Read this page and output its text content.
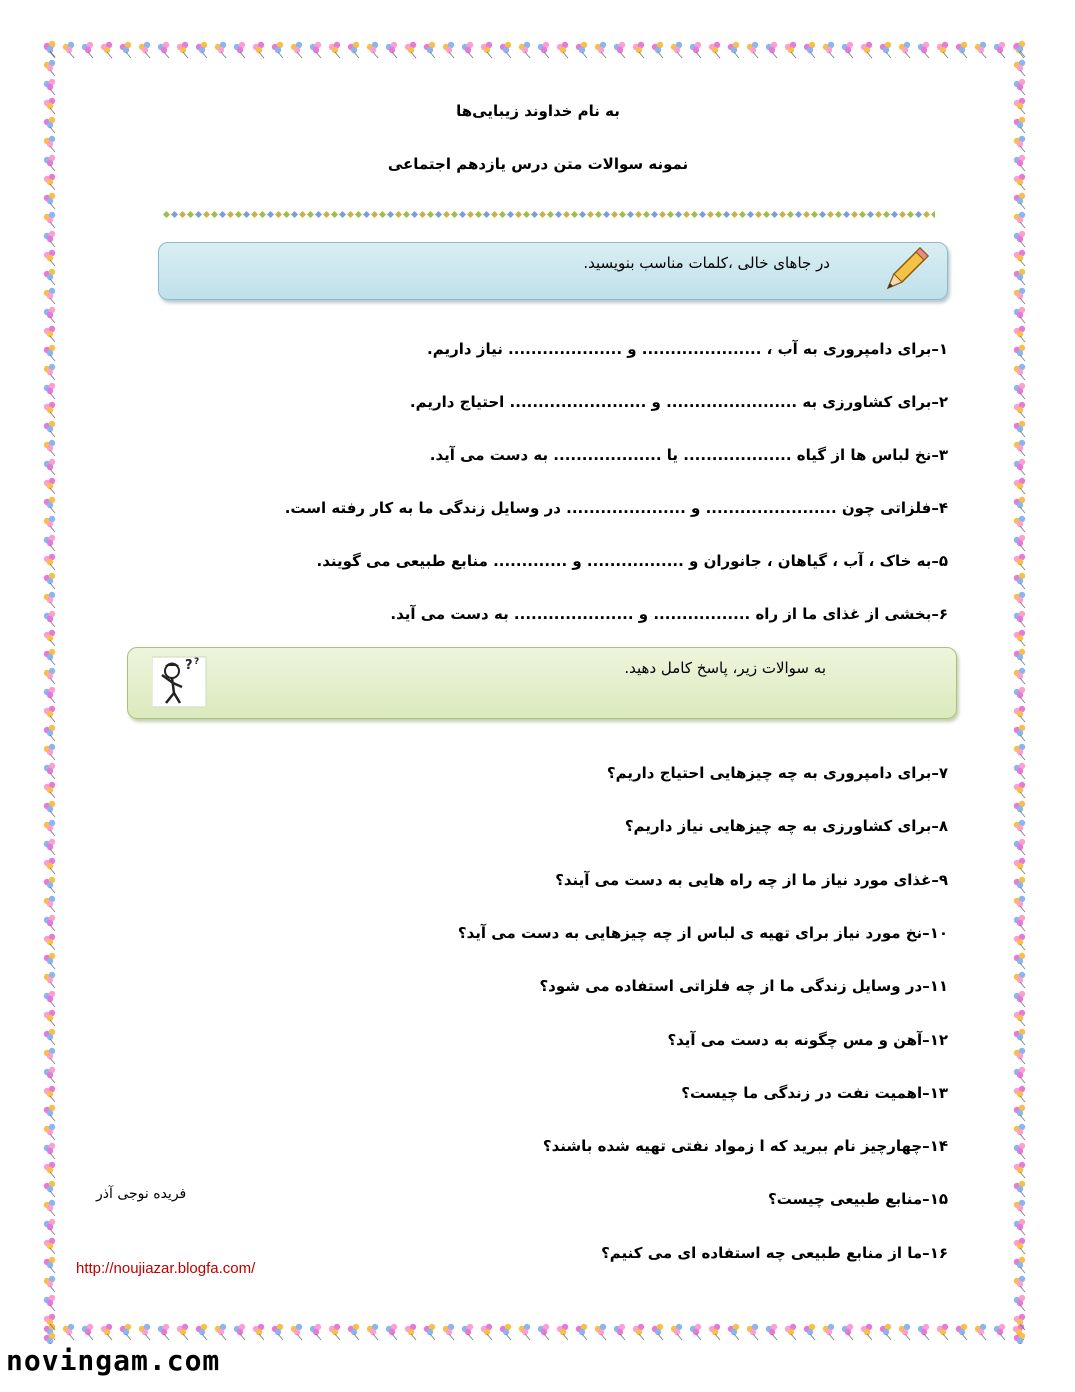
به نام خداوند زیبایی‌ها
نمونه سوالات متن درس یازدهم اجتماعی
در جاهای خالی ،کلمات مناسب بنویسید.
۱–برای دامپروری به آب ، ..................... و .................... نیاز داریم.
۲–برای کشاورزی به ....................... و ........................ احتیاج داریم.
۳–نخ لباس ها از گیاه ................... یا ................... به دست می آید.
۴–فلزاتی چون ....................... و ..................... در وسایل زندگی ما به کار رفته است.
۵–به خاک ، آب ، گیاهان ، جانوران و ................. و ............. منابع طبیعی می گویند.
۶–بخشی از غذای ما از راه ................. و ..................... به دست می آید.
به سوالات زیر، پاسخ کامل دهید.
? ?
۷–برای دامپروری به چه چیزهایی احتیاج داریم؟
۸–برای کشاورزی به چه چیزهایی نیاز داریم؟
۹–غذای مورد نیاز ما از چه راه هایی به دست می آیند؟
۱۰–نخ مورد نیاز برای تهیه ی لباس از چه چیزهایی به دست می آید؟
۱۱–در وسایل زندگی ما از چه فلزاتی استفاده می شود؟
۱۲–آهن و مس چگونه به دست می آید؟
۱۳–اهمیت نفت در زندگی ما چیست؟
۱۴–چهارچیز نام ببرید که ا زمواد نفتی تهیه شده باشند؟
۱۵–منابع طبیعی چیست؟
۱۶–ما از منابع طبیعی چه استفاده ای می کنیم؟
فریده نوجی آذر
http://noujiazar.blogfa.com/
novingam.com
